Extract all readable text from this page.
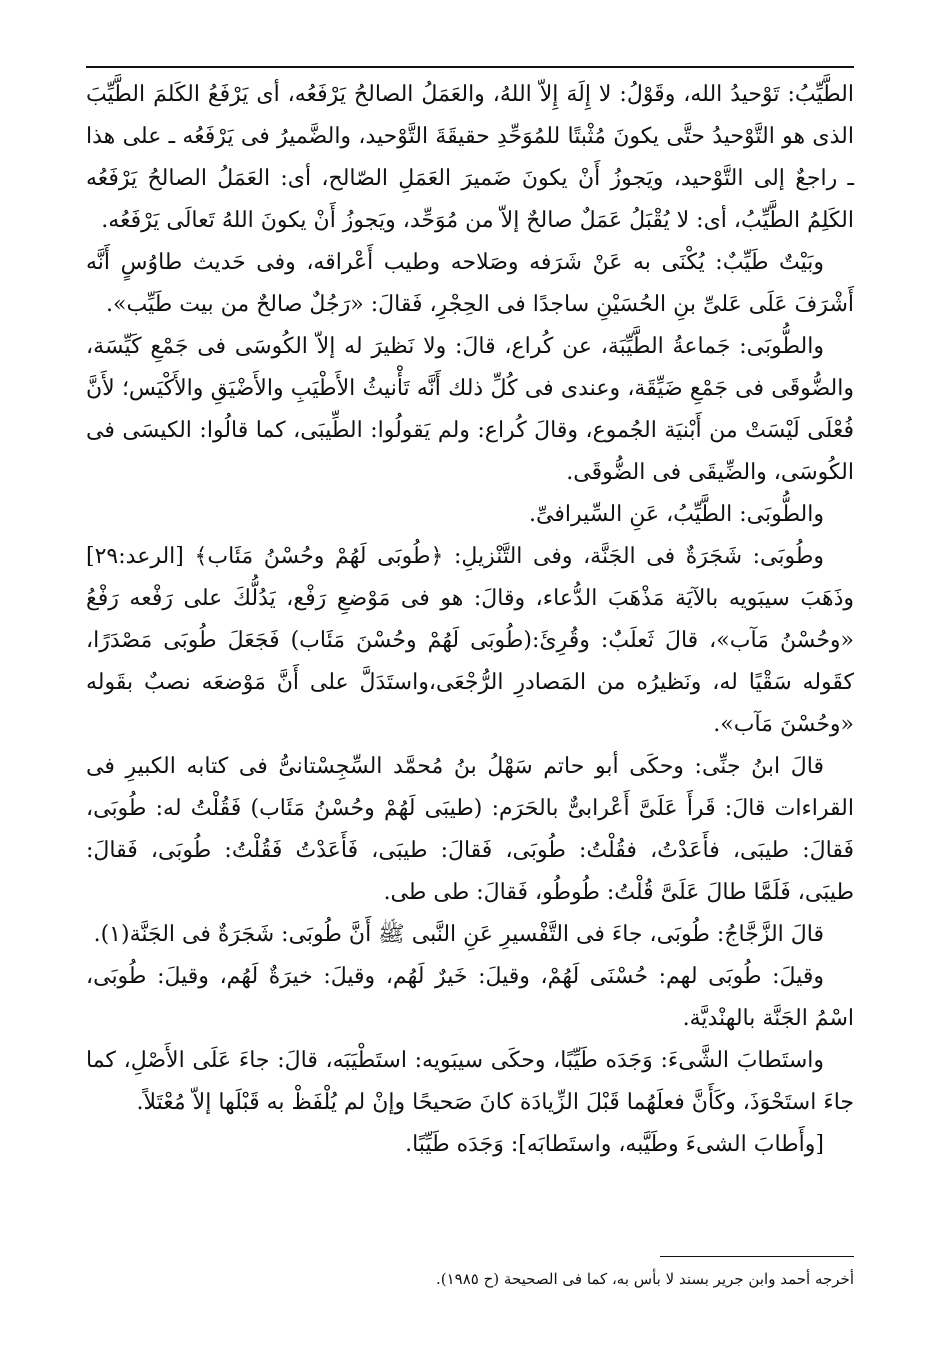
الطَّيِّبُ: تَوْحيدُ الله، وقَوْلُ: لا إِلَهَ إِلاّ اللهُ، والعَمَلُ الصالحُ يَرْفَعُه، أى يَرْفَعُ الكَلمَ الطَّيِّبَ الذى هو التَّوْحيدُ حتَّى يكونَ مُثْبتًا للمُوَحِّدِ حقيقَةَ التَّوْحيد، والضَّميرُ فى يَرْفَعُه ـ على هذا ـ راجعٌ إلى التَّوْحيد، ويَجوزُ أَنْ يكونَ ضَميرَ العَمَلِ الصّالح، أى: العَمَلُ الصالحُ يَرْفَعُه الكَلِمُ الطَّيِّبُ، أى: لا يُقْبَلُ عَمَلٌ صالحٌ إلاّ من مُوَحِّد، ويَجوزُ أَنْ يكونَ اللهُ تَعالَى يَرْفَعُه.

وبَيْتٌ طَيِّبٌ: يُكْنَى به عَنْ شَرَفه وصَلاحه وطيب أَعْراقه، وفى حَديث طاوُسٍ أَنَّه أَشْرَفَ عَلَى عَلىِّ بنِ الحُسَيْنِ ساجدًا فى الحِجْرِ، فَقالَ: «رَجُلٌ صالحٌ من بيت طَيِّب».

والطُّوبَى: جَماعةُ الطَّيِّبَة، عن كُراع، قالَ: ولا نَظيرَ له إلاّ الكُوسَى فى جَمْعِ كَيِّسَة، والضُّوقَى فى جَمْعِ ضَيِّقَة، وعندى فى كُلِّ ذلك أَنَّه تَأْنيثُ الأَطْيَبِ والأَضْيَقِ والأَكْيَس؛ لأَنَّ فُعْلَى لَيْسَتْ من أَبْنيَة الجُموع، وقالَ كُراع: ولم يَقولُوا: الطِّيبَى، كما قالُوا: الكيسَى فى الكُوسَى، والضِّيقَى فى الضُّوقَى.

والطُّوبَى: الطَّيِّبُ، عَنِ السِّيرافىِّ.

وطُوبَى: شَجَرَةٌ فى الجَنَّة، وفى التَّنْزيلِ: ﴿طُوبَى لَهُمْ وحُسْنُ مَئَاب﴾ [الرعد:٢٩] وذَهَبَ سيبَويه بالآيَة مَذْهَبَ الدُّعاء، وقالَ: هو فى مَوْضعِ رَفْع، يَدُلُّكَ على رَفْعه رَفْعُ «وحُسْنُ مَآب»، قالَ ثَعلَبٌ: وقُرِئَ:(طُوبَى لَهُمْ وحُسْنَ مَئَاب) فَجَعَلَ طُوبَى مَصْدَرًا، كقَوله سَقْيًا له، ونَظيرُه من المَصادرِ الرُّجْعَى،واستَدَلَّ على أَنَّ مَوْضعَه نصبٌ بقَوله «وحُسْنَ مَآب».

قالَ ابنُ جنِّى: وحكَى أبو حاتم سَهْلُ بنُ مُحمَّد السِّجِسْتانىُّ فى كتابه الكبيرِ فى القراءات قالَ: قَرأَ عَلَىَّ أَعْرابىٌّ بالحَرَم: (طيبَى لَهُمْ وحُسْنُ مَئَاب) فَقُلْتُ له: طُوبَى، فَقالَ: طيبَى، فأَعَدْتُ، فقُلْتُ: طُوبَى، فَقالَ: طيبَى، فَأَعَدْتُ فَقُلْتُ: طُوبَى، فَقالَ: طيبَى، فَلَمَّا طالَ عَلَىَّ قُلْتُ: طُوطُو، فَقالَ: طى طى.

قالَ الزَّجَّاجُ: طُوبَى، جاءَ فى التَّفْسيرِ عَنِ النَّبى ﷺ أَنَّ طُوبَى: شَجَرَةٌ فى الجَنَّة(١).

وقيلَ: طُوبَى لهم: حُسْنَى لَهُمْ، وقيلَ: خَيرٌ لَهُم، وقيلَ: خيرَةٌ لَهُم، وقيلَ: طُوبَى، اسْمُ الجَنَّة بالهنْديَّة.

واستَطابَ الشَّىءَ: وَجَدَه طَيِّبًا، وحكَى سيبَويه: استَطْيَبَه، قالَ: جاءَ عَلَى الأَصْلِ، كما جاءَ استَحْوَذَ، وكَأَنَّ فعلَهُما قَبْلَ الزِّيادَة كانَ صَحيحًا وإنْ لم يُلْفَظْ به قَبْلَها إلاّ مُعْتَلاً.

[وأَطابَ الشىءَ وطَيَّبه، واستَطابَه]: وَجَدَه طَيِّبًا.

أخرجه أحمد وابن جرير بسند لا بأس به، كما فى الصحيحة (ح ١٩٨٥).
